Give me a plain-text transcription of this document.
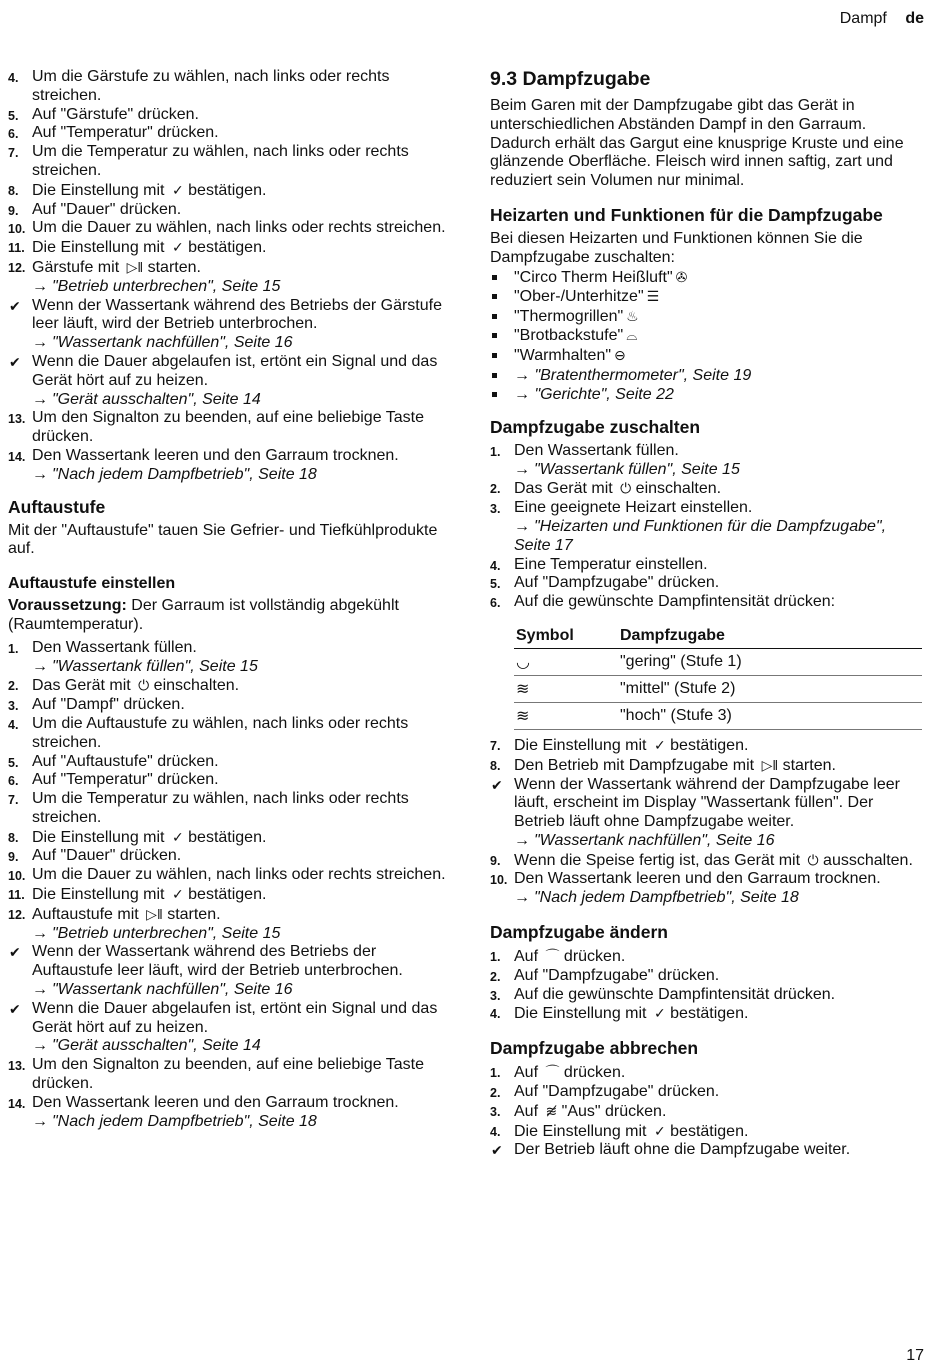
Dampf de
4. Um die Gärstufe zu wählen, nach links oder rechts streichen.
5. Auf "Gärstufe" drücken.
6. Auf "Temperatur" drücken.
7. Um die Temperatur zu wählen, nach links oder rechts streichen.
8. Die Einstellung mit ✓ bestätigen.
9. Auf "Dauer" drücken.
10. Um die Dauer zu wählen, nach links oder rechts streichen.
11. Die Einstellung mit ✓ bestätigen.
12. Gärstufe mit ▷‖ starten.
→ "Betrieb unterbrechen", Seite 15
✔ Wenn der Wassertank während des Betriebs der Gärstufe leer läuft, wird der Betrieb unterbrochen.
→ "Wassertank nachfüllen", Seite 16
✔ Wenn die Dauer abgelaufen ist, ertönt ein Signal und das Gerät hört auf zu heizen.
→ "Gerät ausschalten", Seite 14
13. Um den Signalton zu beenden, auf eine beliebige Taste drücken.
14. Den Wassertank leeren und den Garraum trocknen.
→ "Nach jedem Dampfbetrieb", Seite 18
Auftaustufe

Mit der "Auftaustufe" tauen Sie Gefrier- und Tiefkühlprodukte auf.

Auftaustufe einstellen

Voraussetzung: Der Garraum ist vollständig abgekühlt (Raumtemperatur).

1. Den Wassertank füllen.
→ "Wassertank füllen", Seite 15
2. Das Gerät mit ⏻ einschalten.
3. Auf "Dampf" drücken.
4. Um die Auftaustufe zu wählen, nach links oder rechts streichen.
5. Auf "Auftaustufe" drücken.
6. Auf "Temperatur" drücken.
7. Um die Temperatur zu wählen, nach links oder rechts streichen.
8. Die Einstellung mit ✓ bestätigen.
9. Auf "Dauer" drücken.
10. Um die Dauer zu wählen, nach links oder rechts streichen.
11. Die Einstellung mit ✓ bestätigen.
12. Auftaustufe mit ▷‖ starten.
→ "Betrieb unterbrechen", Seite 15
✔ Wenn der Wassertank während des Betriebs der Auftaustufe leer läuft, wird der Betrieb unterbrochen.
→ "Wassertank nachfüllen", Seite 16
✔ Wenn die Dauer abgelaufen ist, ertönt ein Signal und das Gerät hört auf zu heizen.
→ "Gerät ausschalten", Seite 14
13. Um den Signalton zu beenden, auf eine beliebige Taste drücken.
14. Den Wassertank leeren und den Garraum trocknen.
→ "Nach jedem Dampfbetrieb", Seite 18
9.3 Dampfzugabe

Beim Garen mit der Dampfzugabe gibt das Gerät in unterschiedlichen Abständen Dampf in den Garraum. Dadurch erhält das Gargut eine knusprige Kruste und eine glänzende Oberfläche. Fleisch wird innen saftig, zart und reduziert sein Volumen nur minimal.

Heizarten und Funktionen für die Dampfzugabe

Bei diesen Heizarten und Funktionen können Sie die Dampfzugabe zuschalten:

"Circo Therm Heißluft" ✇
"Ober-/Unterhitze" ☰
"Thermogrillen" ♨
"Brotbackstufe" ⌓
"Warmhalten" ⊖
→ "Bratenthermometer", Seite 19
→ "Gerichte", Seite 22
Dampfzugabe zuschalten
1. Den Wassertank füllen.
→ "Wassertank füllen", Seite 15
2. Das Gerät mit ⏻ einschalten.
3. Eine geeignete Heizart einstellen.
→ "Heizarten und Funktionen für die Dampfzugabe", Seite 17
4. Eine Temperatur einstellen.
5. Auf "Dampfzugabe" drücken.
6. Auf die gewünschte Dampfintensität drücken:
Symbol	Dampfzugabe
◡	"gering" (Stufe 1)
≋	"mittel" (Stufe 2)
≋	"hoch" (Stufe 3)
7. Die Einstellung mit ✓ bestätigen.
8. Den Betrieb mit Dampfzugabe mit ▷‖ starten.
✔ Wenn der Wassertank während der Dampfzugabe leer läuft, erscheint im Display "Wassertank füllen". Der Betrieb läuft ohne Dampfzugabe weiter.
→ "Wassertank nachfüllen", Seite 16
9. Wenn die Speise fertig ist, das Gerät mit ⏻ ausschalten.
10. Den Wassertank leeren und den Garraum trocknen.
→ "Nach jedem Dampfbetrieb", Seite 18
Dampfzugabe ändern
1. Auf ⌒ drücken.
2. Auf "Dampfzugabe" drücken.
3. Auf die gewünschte Dampfintensität drücken.
4. Die Einstellung mit ✓ bestätigen.
Dampfzugabe abbrechen
1. Auf ⌒ drücken.
2. Auf "Dampfzugabe" drücken.
3. Auf ≋̸ "Aus" drücken.
4. Die Einstellung mit ✓ bestätigen.
✔ Der Betrieb läuft ohne die Dampfzugabe weiter.
17
